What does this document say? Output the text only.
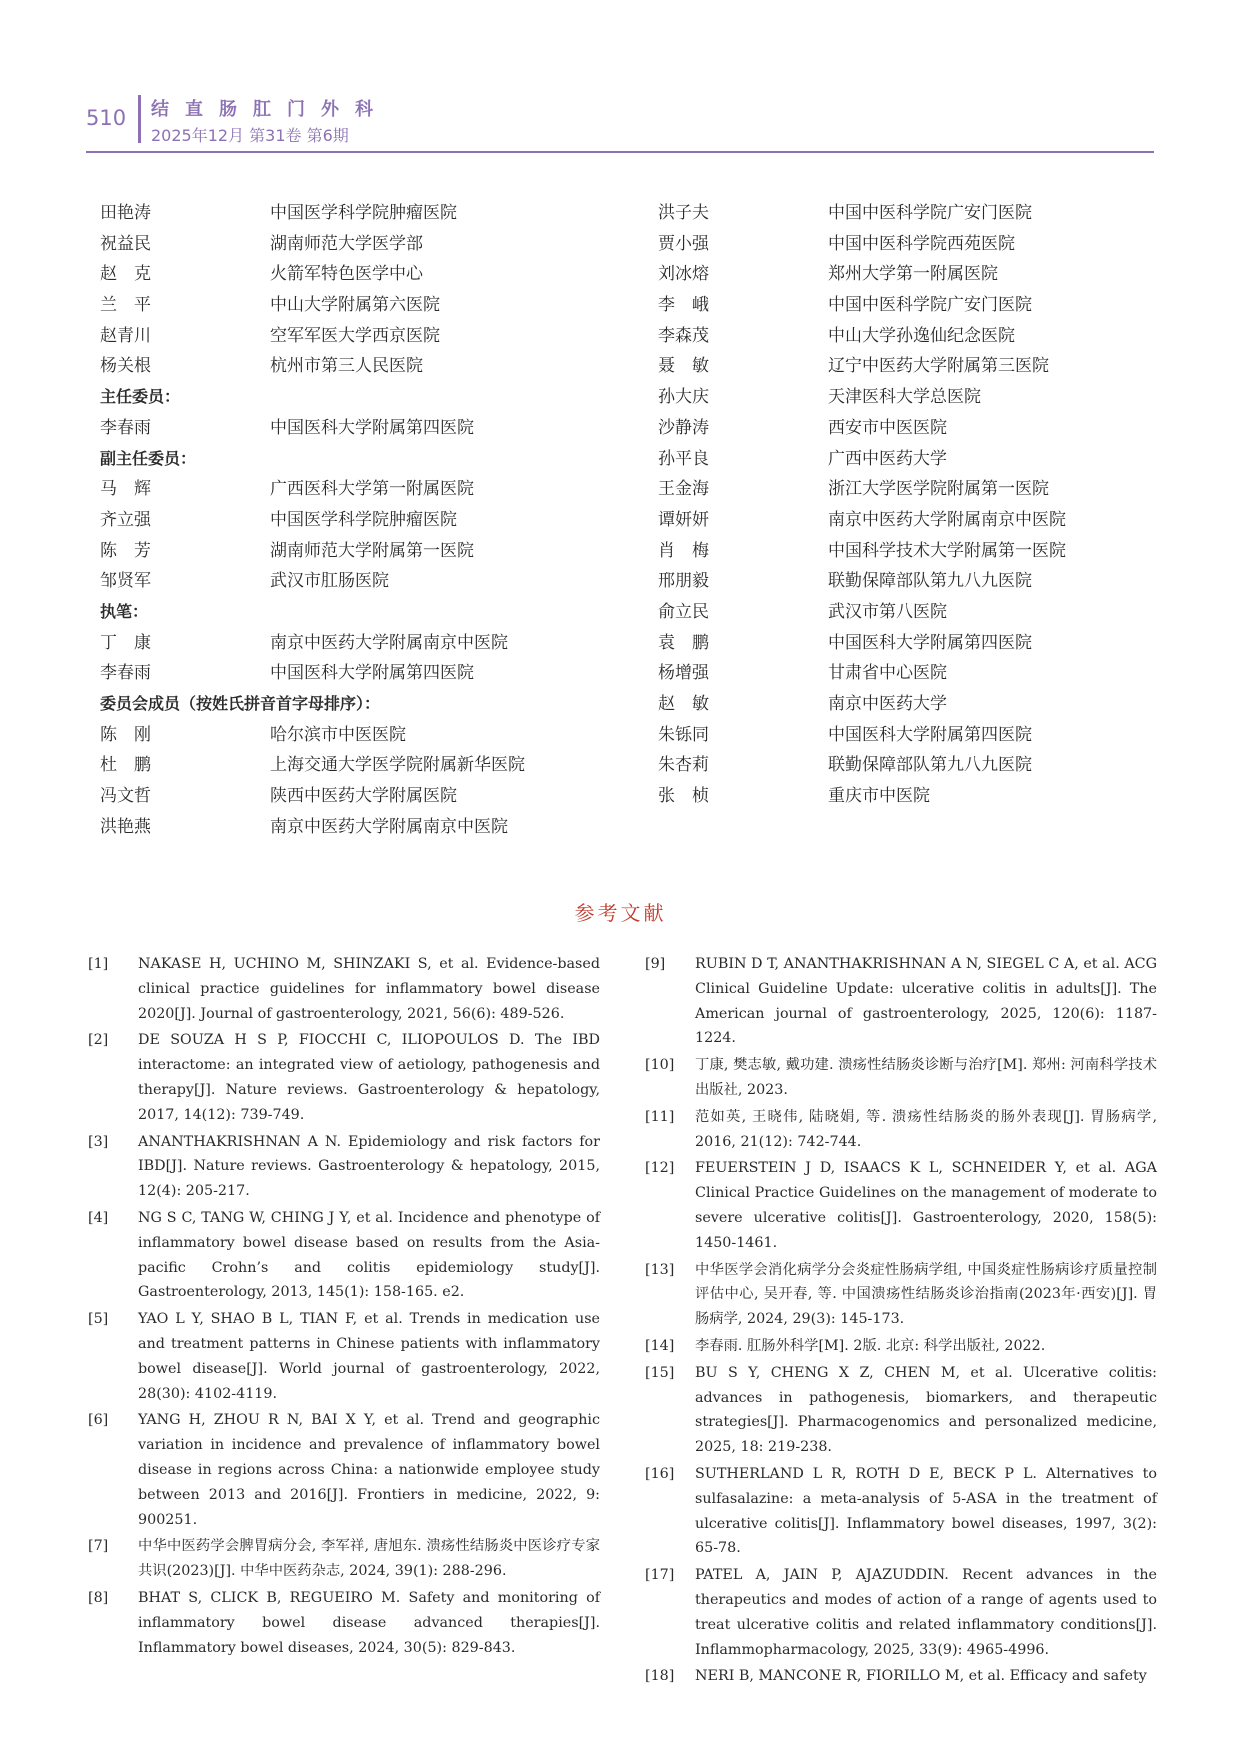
510 结直肠肛门外科
2025年12月 第31卷 第6期
田艳涛	中国医学科学院肿瘤医院
祝益民	湖南师范大学医学部
赵　克	火箭军特色医学中心
兰　平	中山大学附属第六医院
赵青川	空军军医大学西京医院
杨关根	杭州市第三人民医院
主任委员：
李春雨	中国医科大学附属第四医院
副主任委员：
马　辉	广西医科大学第一附属医院
齐立强	中国医学科学院肿瘤医院
陈　芳	湖南师范大学附属第一医院
邹贤军	武汉市肛肠医院
执笔：
丁　康	南京中医药大学附属南京中医院
李春雨	中国医科大学附属第四医院
委员会成员（按姓氏拼音首字母排序）：
陈　刚	哈尔滨市中医医院
杜　鹏	上海交通大学医学院附属新华医院
冯文哲	陕西中医药大学附属医院
洪艳燕	南京中医药大学附属南京中医院
洪子夫	中国中医科学院广安门医院
贾小强	中国中医科学院西苑医院
刘冰熔	郑州大学第一附属医院
李　峨	中国中医科学院广安门医院
李森茂	中山大学孙逸仙纪念医院
聂　敏	辽宁中医药大学附属第三医院
孙大庆	天津医科大学总医院
沙静涛	西安市中医医院
孙平良	广西中医药大学
王金海	浙江大学医学院附属第一医院
谭妍妍	南京中医药大学附属南京中医院
肖　梅	中国科学技术大学附属第一医院
邢朋毅	联勤保障部队第九八九医院
俞立民	武汉市第八医院
袁　鹏	中国医科大学附属第四医院
杨增强	甘肃省中心医院
赵　敏	南京中医药大学
朱铄同	中国医科大学附属第四医院
朱杏莉	联勤保障部队第九八九医院
张　桢	重庆市中医院
参考文献
[1]	NAKASE H, UCHINO M, SHINZAKI S, et al. Evidence-based clinical practice guidelines for inflammatory bowel disease 2020[J]. Journal of gastroenterology, 2021, 56(6): 489-526.
[2]	DE SOUZA H S P, FIOCCHI C, ILIOPOULOS D. The IBD interactome: an integrated view of aetiology, pathogenesis and therapy[J]. Nature reviews. Gastroenterology & hepatology, 2017, 14(12): 739-749.
[3]	ANANTHAKRISHNAN A N. Epidemiology and risk factors for IBD[J]. Nature reviews. Gastroenterology & hepatology, 2015, 12(4): 205-217.
[4]	NG S C, TANG W, CHING J Y, et al. Incidence and phenotype of inflammatory bowel disease based on results from the Asia-pacific Crohn’s and colitis epidemiology study[J]. Gastroenterology, 2013, 145(1): 158-165. e2.
[5]	YAO L Y, SHAO B L, TIAN F, et al. Trends in medication use and treatment patterns in Chinese patients with inflammatory bowel disease[J]. World journal of gastroenterology, 2022, 28(30): 4102-4119.
[6]	YANG H, ZHOU R N, BAI X Y, et al. Trend and geographic variation in incidence and prevalence of inflammatory bowel disease in regions across China: a nationwide employee study between 2013 and 2016[J]. Frontiers in medicine, 2022, 9: 900251.
[7]	中华中医药学会脾胃病分会, 李军祥, 唐旭东. 溃疡性结肠炎中医诊疗专家共识(2023)[J]. 中华中医药杂志, 2024, 39(1): 288-296.
[8]	BHAT S, CLICK B, REGUEIRO M. Safety and monitoring of inflammatory bowel disease advanced therapies[J]. Inflammatory bowel diseases, 2024, 30(5): 829-843.
[9]	RUBIN D T, ANANTHAKRISHNAN A N, SIEGEL C A, et al. ACG Clinical Guideline Update: ulcerative colitis in adults[J]. The American journal of gastroenterology, 2025, 120(6): 1187-1224.
[10]	丁康, 樊志敏, 戴功建. 溃疡性结肠炎诊断与治疗[M]. 郑州: 河南科学技术出版社, 2023.
[11]	范如英, 王晓伟, 陆晓娟, 等. 溃疡性结肠炎的肠外表现[J]. 胃肠病学, 2016, 21(12): 742-744.
[12]	FEUERSTEIN J D, ISAACS K L, SCHNEIDER Y, et al. AGA Clinical Practice Guidelines on the management of moderate to severe ulcerative colitis[J]. Gastroenterology, 2020, 158(5): 1450-1461.
[13]	中华医学会消化病学分会炎症性肠病学组, 中国炎症性肠病诊疗质量控制评估中心, 吴开春, 等. 中国溃疡性结肠炎诊治指南(2023年·西安)[J]. 胃肠病学, 2024, 29(3): 145-173.
[14]	李春雨. 肛肠外科学[M]. 2版. 北京: 科学出版社, 2022.
[15]	BU S Y, CHENG X Z, CHEN M, et al. Ulcerative colitis: advances in pathogenesis, biomarkers, and therapeutic strategies[J]. Pharmacogenomics and personalized medicine, 2025, 18: 219-238.
[16]	SUTHERLAND L R, ROTH D E, BECK P L. Alternatives to sulfasalazine: a meta-analysis of 5-ASA in the treatment of ulcerative colitis[J]. Inflammatory bowel diseases, 1997, 3(2): 65-78.
[17]	PATEL A, JAIN P, AJAZUDDIN. Recent advances in the therapeutics and modes of action of a range of agents used to treat ulcerative colitis and related inflammatory conditions[J]. Inflammopharmacology, 2025, 33(9): 4965-4996.
[18]	NERI B, MANCONE R, FIORILLO M, et al. Efficacy and safety
